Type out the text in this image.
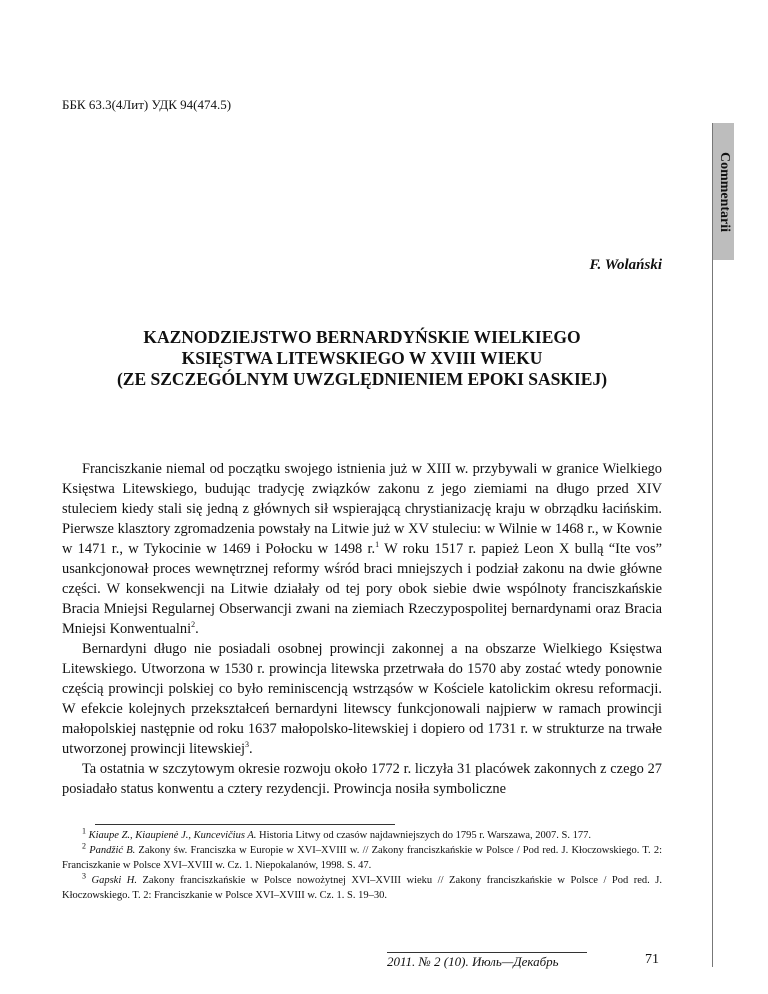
ББК 63.3(4Лит) УДК 94(474.5)

Commentarii

F. Wolański

KAZNODZIEJSTWO BERNARDYŃSKIE WIELKIEGO
KSIĘSTWA LITEWSKIEGO W XVIII WIEKU
(ZE SZCZEGÓLNYM UWZGLĘDNIENIEM EPOKI SASKIEJ)

Franciszkanie niemal od początku swojego istnienia już w XIII w. przybywali w granice Wielkiego Księstwa Litewskiego, budując tradycję związków zakonu z jego ziemiami na długo przed XIV stuleciem kiedy stali się jedną z głównych sił wspierającą chrystianizację kraju w obrządku łacińskim. Pierwsze klasztory zgromadzenia powstały na Litwie już w XV stuleciu: w Wilnie w 1468 r., w Kownie w 1471 r., w Tykocinie w 1469 i Połocku w 1498 r.$^1$ W roku 1517 r. papież Leon X bullą “Ite vos” usankcjonował proces wewnętrznej reformy wśród braci mniejszych i podział zakonu na dwie główne części. W konsekwencji na Litwie działały od tej pory obok siebie dwie wspólnoty franciszkańskie Bracia Mniejsi Regularnej Obserwancji zwani na ziemiach Rzeczypospolitej bernardynami oraz Bracia Mniejsi Konwentualni$^2$.

Bernardyni długo nie posiadali osobnej prowincji zakonnej a na obszarze Wielkiego Księstwa Litewskiego. Utworzona w 1530 r. prowincja litewska przetrwała do 1570 aby zostać wtedy ponownie częścią prowincji polskiej co było reminiscencją wstrząsów w Kościele katolickim okresu reformacji. W efekcie kolejnych przekształceń bernardyni litewscy funkcjonowali najpierw w ramach prowincji małopolskiej następnie od roku 1637 małopolsko-litewskiej i dopiero od 1731 r. w strukturze na trwałe utworzonej prowincji litewskiej$^3$.

Ta ostatnia w szczytowym okresie rozwoju około 1772 r. liczyła 31 placówek zakonnych z czego 27 posiadało status konwentu a cztery rezydencji. Prowincja nosiła symboliczne

$^1$ Kiaupe Z., Kiaupienė J., Kuncevičius A. Historia Litwy od czasów najdawniejszych do 1795 r. Warszawa, 2007. S. 177.

$^2$ Pandžić B. Zakony św. Franciszka w Europie w XVI–XVIII w. // Zakony franciszkańskie w Polsce / Pod red. J. Kłoczowskiego. T. 2: Franciszkanie w Polsce XVI–XVIII w. Cz. 1. Niepokalanów, 1998. S. 47.

$^3$ Gapski H. Zakony franciszkańskie w Polsce nowożytnej XVI–XVIII wieku // Zakony franciszkańskie w Polsce / Pod red. J. Kłoczowskiego. T. 2: Franciszkanie w Polsce XVI–XVIII w. Cz. 1. S. 19–30.

2011. № 2 (10). Июль—Декабрь	71
